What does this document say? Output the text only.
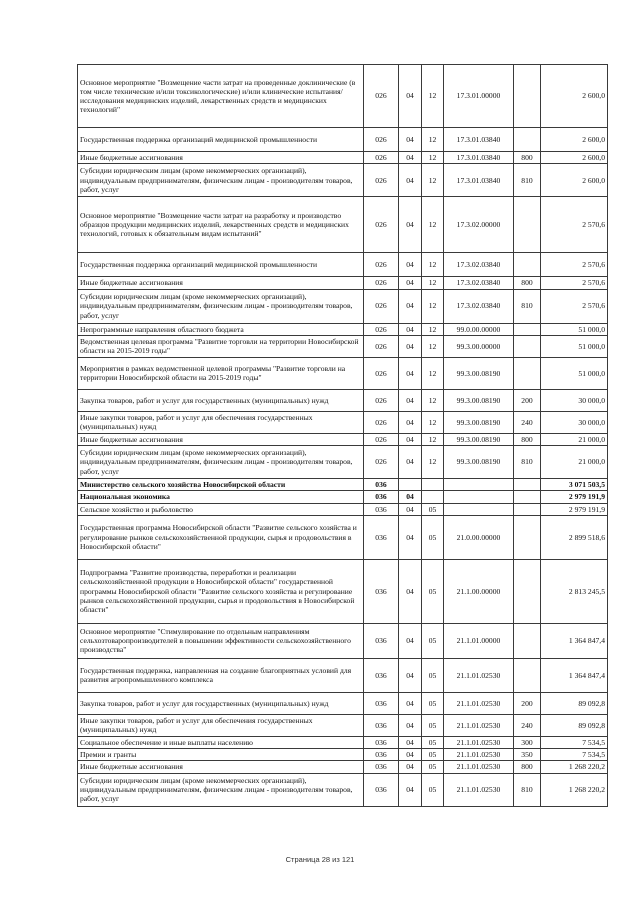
Основное мероприятие "Возмещение части затрат на проведенные доклинические (в том числе технические и/или токсикологические) и/или клинические испытания/исследования медицинских изделий, лекарственных средств и медицинских технологий"	026	04	12	17.3.01.00000		2 600,0
Государственная поддержка организаций медицинской промышленности	026	04	12	17.3.01.03840		2 600,0
Иные бюджетные ассигнования	026	04	12	17.3.01.03840	800	2 600,0
Субсидии юридическим лицам (кроме некоммерческих организаций), индивидуальным предпринимателям, физическим лицам - производителям товаров, работ, услуг	026	04	12	17.3.01.03840	810	2 600,0
Основное мероприятие "Возмещение части затрат на разработку и производство образцов продукции медицинских изделий, лекарственных средств и медицинских технологий, готовых к обязательным видам испытаний"	026	04	12	17.3.02.00000		2 570,6
Государственная поддержка организаций медицинской промышленности	026	04	12	17.3.02.03840		2 570,6
Иные бюджетные ассигнования	026	04	12	17.3.02.03840	800	2 570,6
Субсидии юридическим лицам (кроме некоммерческих организаций), индивидуальным предпринимателям, физическим лицам - производителям товаров, работ, услуг	026	04	12	17.3.02.03840	810	2 570,6
Непрограммные направления областного бюджета	026	04	12	99.0.00.00000		51 000,0
Ведомственная целевая программа "Развитие торговли на территории Новосибирской области на 2015-2019 годы"	026	04	12	99.3.00.00000		51 000,0
Мероприятия в рамках ведомственной целевой программы "Развитие торговли на территории Новосибирской области на 2015-2019 годы"	026	04	12	99.3.00.08190		51 000,0
Закупка товаров, работ и услуг для государственных (муниципальных) нужд	026	04	12	99.3.00.08190	200	30 000,0
Иные закупки товаров, работ и услуг для обеспечения государственных (муниципальных) нужд	026	04	12	99.3.00.08190	240	30 000,0
Иные бюджетные ассигнования	026	04	12	99.3.00.08190	800	21 000,0
Субсидии юридическим лицам (кроме некоммерческих организаций), индивидуальным предпринимателям, физическим лицам - производителям товаров, работ, услуг	026	04	12	99.3.00.08190	810	21 000,0
Министерство сельского хозяйства Новосибирской области	036					3 071 503,5
Национальная экономика	036	04				2 979 191,9
Сельское хозяйство и рыболовство	036	04	05			2 979 191,9
Государственная программа Новосибирской области "Развитие сельского хозяйства и регулирование рынков сельскохозяйственной продукции, сырья и продовольствия в Новосибирской области"	036	04	05	21.0.00.00000		2 899 518,6
Подпрограмма "Развитие производства, переработки и реализации сельскохозяйственной продукции в Новосибирской области" государственной программы Новосибирской области "Развитие сельского хозяйства и регулирование рынков сельскохозяйственной продукции, сырья и продовольствия в Новосибирской области"	036	04	05	21.1.00.00000		2 813 245,5
Основное мероприятие "Стимулирование по отдельным направлениям сельхозтоваропроизводителей в повышении эффективности сельскохозяйственного производства"	036	04	05	21.1.01.00000		1 364 847,4
Государственная поддержка, направленная на создание благоприятных условий для развития агропромышленного комплекса	036	04	05	21.1.01.02530		1 364 847,4
Закупка товаров, работ и услуг для государственных (муниципальных) нужд	036	04	05	21.1.01.02530	200	89 092,8
Иные закупки товаров, работ и услуг для обеспечения государственных (муниципальных) нужд	036	04	05	21.1.01.02530	240	89 092,8
Социальное обеспечение и иные выплаты населению	036	04	05	21.1.01.02530	300	7 534,5
Премии и гранты	036	04	05	21.1.01.02530	350	7 534,5
Иные бюджетные ассигнования	036	04	05	21.1.01.02530	800	1 268 220,2
Субсидии юридическим лицам (кроме некоммерческих организаций), индивидуальным предпринимателям, физическим лицам - производителям товаров, работ, услуг	036	04	05	21.1.01.02530	810	1 268 220,2
Страница 28 из 121
